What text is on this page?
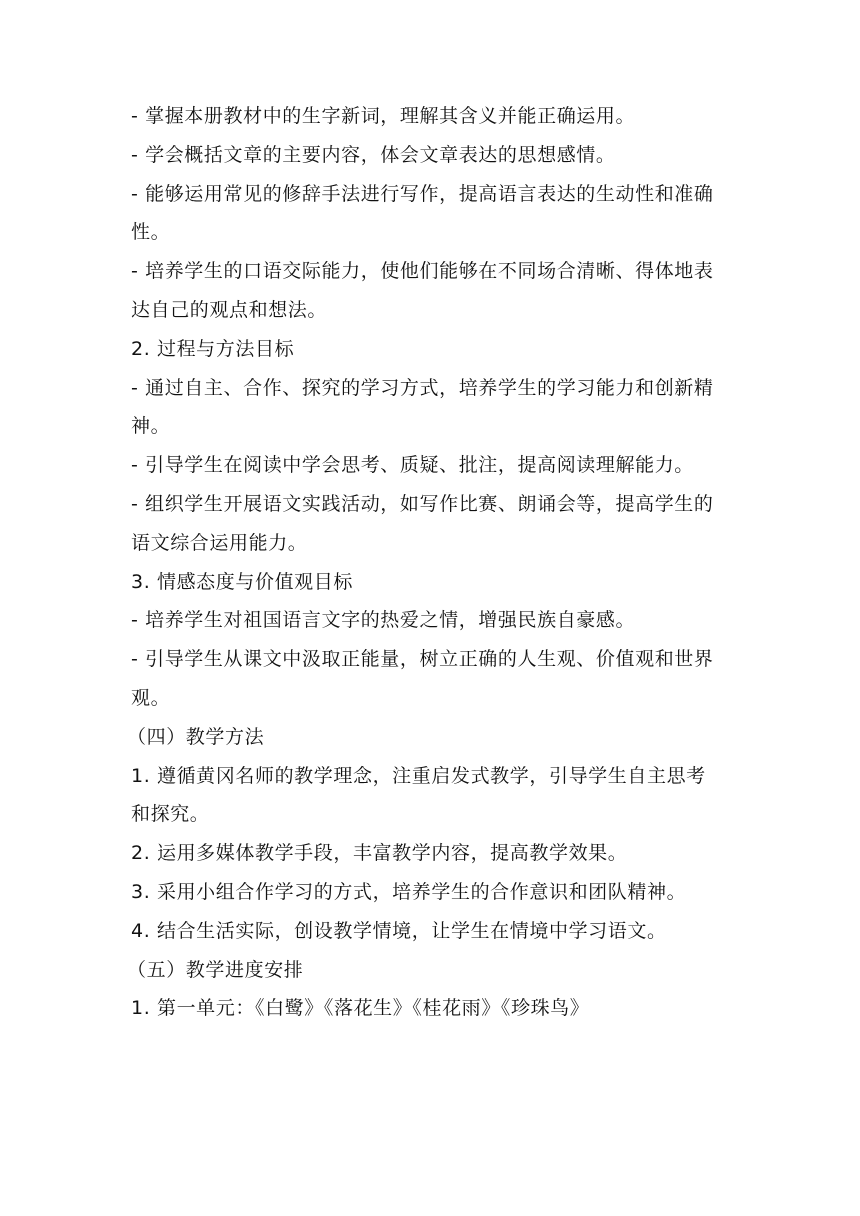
- 掌握本册教材中的生字新词，理解其含义并能正确运用。
- 学会概括文章的主要内容，体会文章表达的思想感情。
- 能够运用常见的修辞手法进行写作，提高语言表达的生动性和准确
性。
- 培养学生的口语交际能力，使他们能够在不同场合清晰、得体地表
达自己的观点和想法。
2. 过程与方法目标
- 通过自主、合作、探究的学习方式，培养学生的学习能力和创新精
神。
- 引导学生在阅读中学会思考、质疑、批注，提高阅读理解能力。
- 组织学生开展语文实践活动，如写作比赛、朗诵会等，提高学生的
语文综合运用能力。
3. 情感态度与价值观目标
- 培养学生对祖国语言文字的热爱之情，增强民族自豪感。
- 引导学生从课文中汲取正能量，树立正确的人生观、价值观和世界
观。
（四）教学方法
1. 遵循黄冈名师的教学理念，注重启发式教学，引导学生自主思考
和探究。
2. 运用多媒体教学手段，丰富教学内容，提高教学效果。
3. 采用小组合作学习的方式，培养学生的合作意识和团队精神。
4. 结合生活实际，创设教学情境，让学生在情境中学习语文。
（五）教学进度安排
1. 第一单元：《白鹭》《落花生》《桂花雨》《珍珠鸟》
